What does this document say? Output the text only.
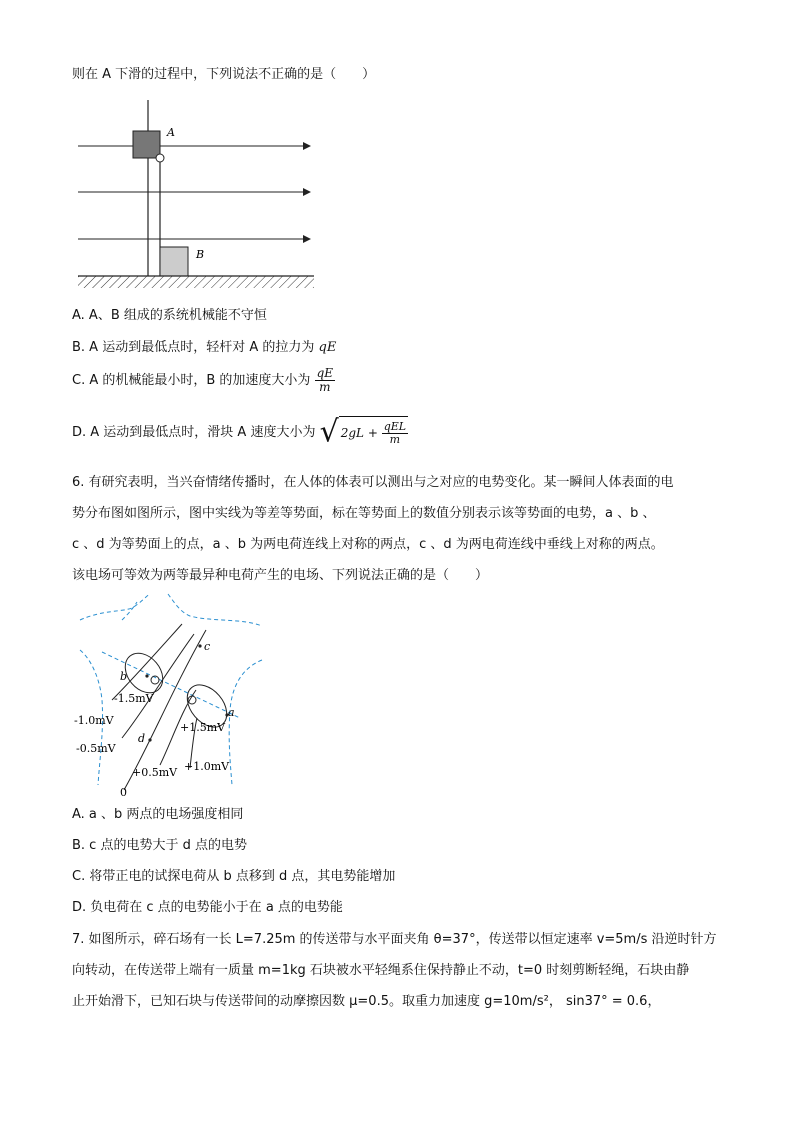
则在 A 下滑的过程中，下列说法不正确的是（　　）
A
B
A. A、B 组成的系统机械能不守恒
B. A 运动到最低点时，轻杆对 A 的拉力为 qE
C. A 的机械能最小时，B 的加速度大小为 $\frac{qE}{m}$
D. A 运动到最低点时，滑块 A 速度大小为 √ $2gL + \frac{\text{qEL}}{m}$
6. 有研究表明，当兴奋情绪传播时，在人体的体表可以测出与之对应的电势变化。某一瞬间人体表面的电
势分布图如图所示，图中实线为等差等势面，标在等势面上的数值分别表示该等势面的电势，a 、b 、
c 、d 为等势面上的点，a 、b 为两电荷连线上对称的两点，c 、d 为两电荷连线中垂线上对称的两点。
该电场可等效为两等最异种电荷产生的电场、下列说法正确的是（　　）
b
c
a
d
-1.5mV
-1.0mV
-0.5mV
+1.5mV
+1.0mV
+0.5mV
0
A. a 、b 两点的电场强度相同
B. c 点的电势大于 d 点的电势
C. 将带正电的试探电荷从 b 点移到 d 点，其电势能增加
D. 负电荷在 c 点的电势能小于在 a 点的电势能
7. 如图所示，碎石场有一长 L=7.25m 的传送带与水平面夹角 θ=37°，传送带以恒定速率 v=5m/s 沿逆时针方
向转动，在传送带上端有一质量 m=1kg 石块被水平轻绳系住保持静止不动，t=0 时刻剪断轻绳，石块由静
止开始滑下，已知石块与传送带间的动摩擦因数 μ=0.5。取重力加速度 g=10m/s²， sin37° = 0.6，
